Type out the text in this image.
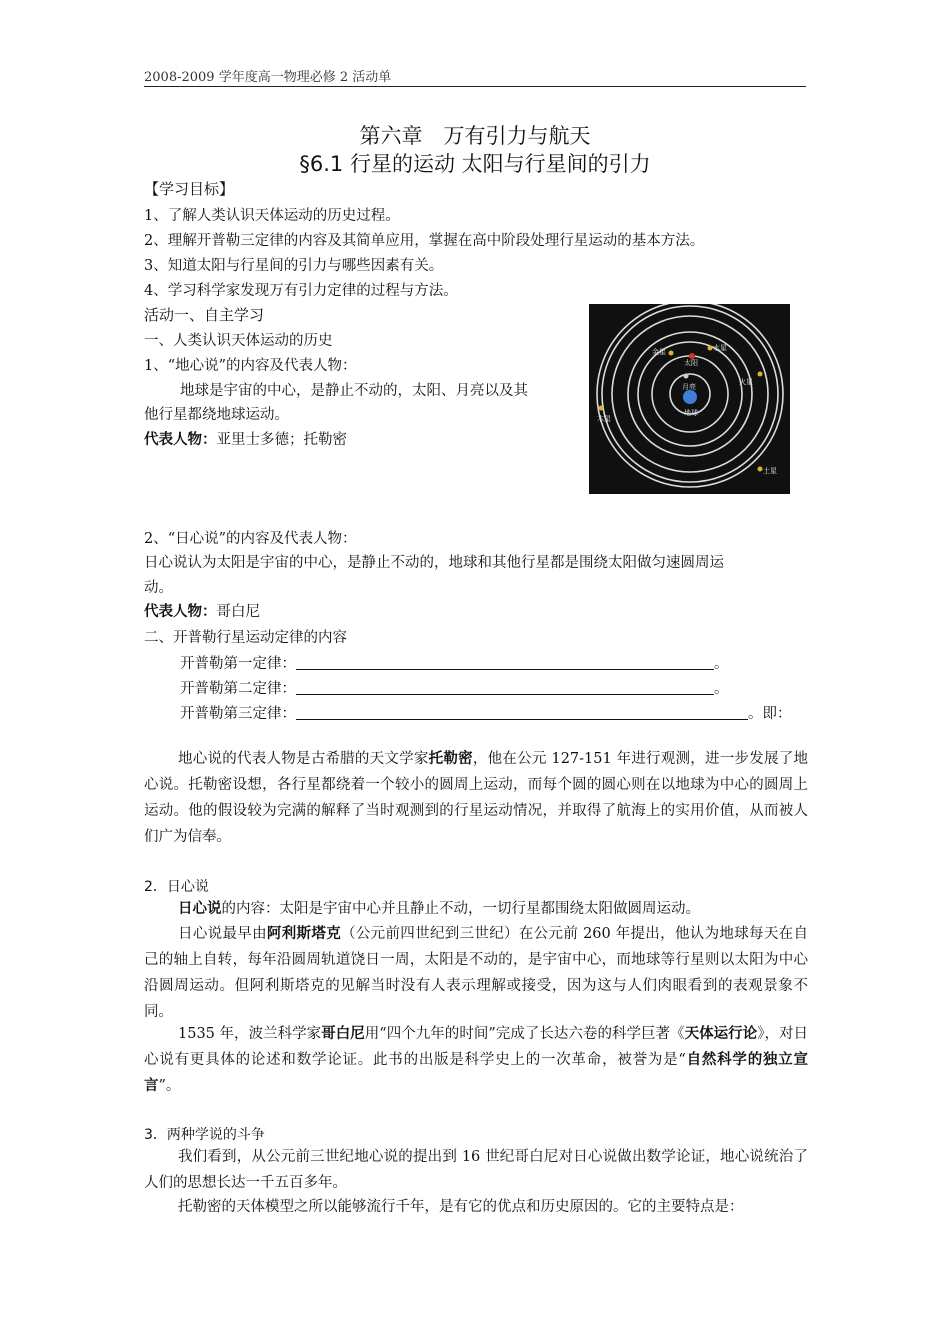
2008-2009 学年度高一物理必修 2 活动单
第六章　万有引力与航天
§6.1 行星的运动 太阳与行星间的引力
【学习目标】
1、了解人类认识天体运动的历史过程。
2、理解开普勒三定律的内容及其简单应用，掌握在高中阶段处理行星运动的基本方法。
3、知道太阳与行星间的引力与哪些因素有关。
4、学习科学家发现万有引力定律的过程与方法。
活动一、自主学习
一、人类认识天体运动的历史
1、“地心说”的内容及代表人物：
地球是宇宙的中心，是静止不动的，太阳、月亮以及其
他行星都绕地球运动。
代表人物：亚里士多德；托勒密
金星
太阳
水星
火星
月亮
地球
木星
土星
2、“日心说”的内容及代表人物：
日心说认为太阳是宇宙的中心，是静止不动的，地球和其他行星都是围绕太阳做匀速圆周运
动。
代表人物：哥白尼
二、开普勒行星运动定律的内容
开普勒第一定律：	。
开普勒第二定律：	。
开普勒第三定律：	。即：
地心说的代表人物是古希腊的天文学家托勒密，他在公元 127-151 年进行观测，进一步发展了地心说。托勒密设想，各行星都绕着一个较小的圆周上运动，而每个圆的圆心则在以地球为中心的圆周上运动。他的假设较为完满的解释了当时观测到的行星运动情况，并取得了航海上的实用价值，从而被人们广为信奉。
2．日心说
日心说的内容：太阳是宇宙中心并且静止不动，一切行星都围绕太阳做圆周运动。
日心说最早由阿利斯塔克（公元前四世纪到三世纪）在公元前 260 年提出，他认为地球每天在自己的轴上自转，每年沿圆周轨道饶日一周，太阳是不动的，是宇宙中心，而地球等行星则以太阳为中心沿圆周运动。但阿利斯塔克的见解当时没有人表示理解或接受，因为这与人们肉眼看到的表观景象不同。
1535 年，波兰科学家哥白尼用“四个九年的时间”完成了长达六卷的科学巨著《天体运行论》，对日心说有更具体的论述和数学论证。此书的出版是科学史上的一次革命，被誉为是“自然科学的独立宣言”。
3．两种学说的斗争
我们看到，从公元前三世纪地心说的提出到 16 世纪哥白尼对日心说做出数学论证，地心说统治了人们的思想长达一千五百多年。
托勒密的天体模型之所以能够流行千年，是有它的优点和历史原因的。它的主要特点是：
